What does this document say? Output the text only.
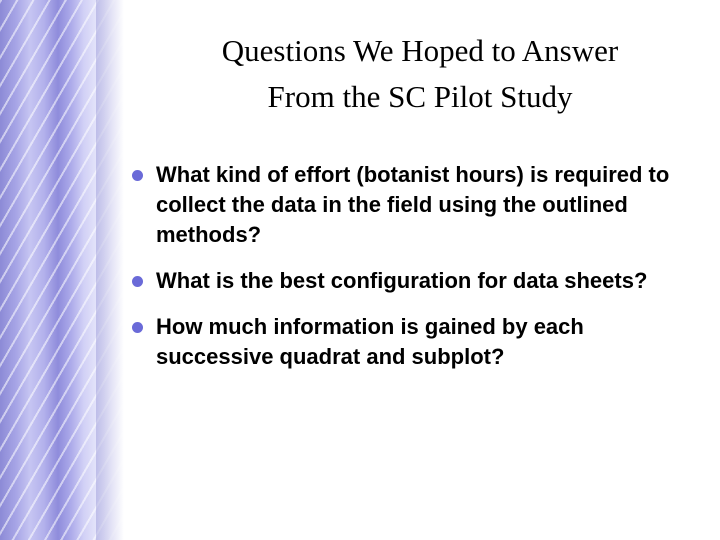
Questions We Hoped to Answer
From the SC Pilot Study
What kind of effort (botanist hours) is required to collect the data in the field using the outlined methods?
What is the best configuration for data sheets?
How much information is gained by each successive quadrat and subplot?
